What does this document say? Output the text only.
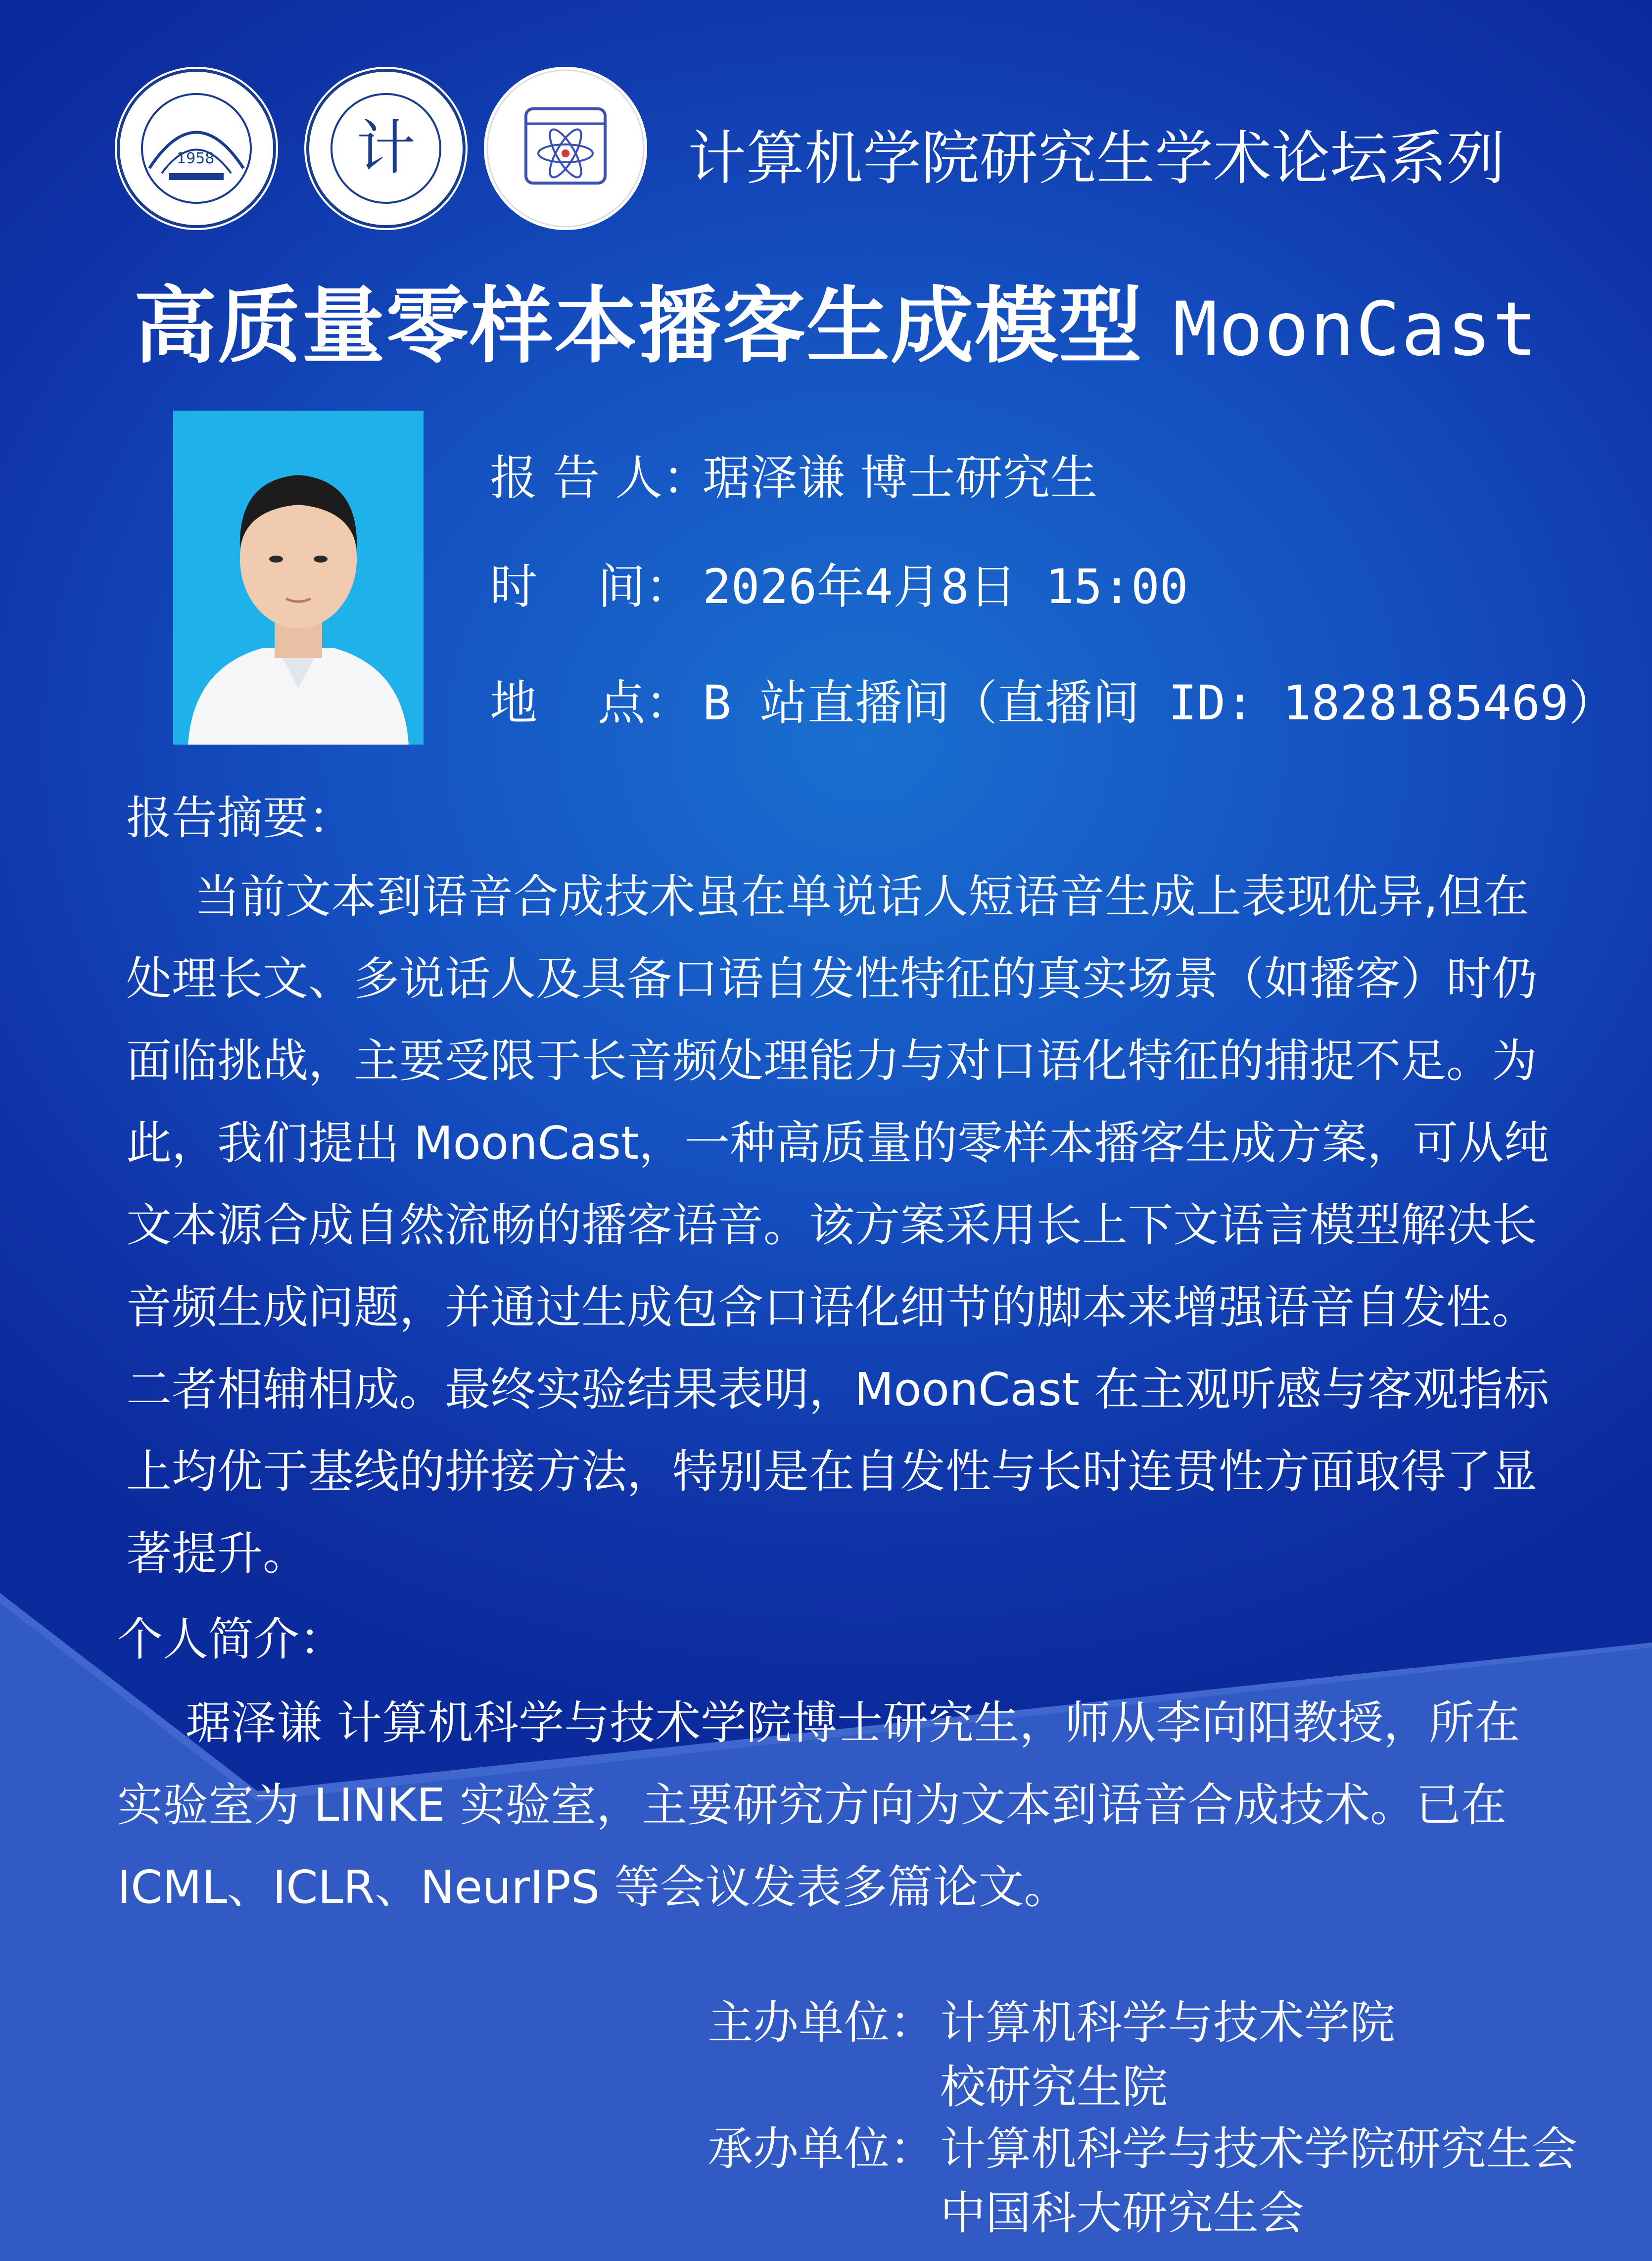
1958 计	计算机学院研究生学术论坛系列
高质量零样本播客生成模型 MoonCast
报 告 人：琚泽谦 博士研究生
时    间： 2026年4月8日 15:00
地    点： B 站直播间（直播间 ID: 1828185469）
报告摘要：

当前文本到语音合成技术虽在单说话人短语音生成上表现优异,但在处理长文、多说话人及具备口语自发性特征的真实场景（如播客）时仍面临挑战，主要受限于长音频处理能力与对口语化特征的捕捉不足。为此，我们提出 MoonCast，一种高质量的零样本播客生成方案，可从纯文本源合成自然流畅的播客语音。该方案采用长上下文语言模型解决长音频生成问题，并通过生成包含口语化细节的脚本来增强语音自发性。二者相辅相成。最终实验结果表明，MoonCast 在主观听感与客观指标上均优于基线的拼接方法，特别是在自发性与长时连贯性方面取得了显著提升。

个人简介：

琚泽谦 计算机科学与技术学院博士研究生，师从李向阳教授，所在实验室为 LINKE 实验室，主要研究方向为文本到语音合成技术。已在 ICML、ICLR、NeurIPS 等会议发表多篇论文。

主办单位： 计算机科学与技术学院
校研究生院
承办单位： 计算机科学与技术学院研究生会
中国科大研究生会
